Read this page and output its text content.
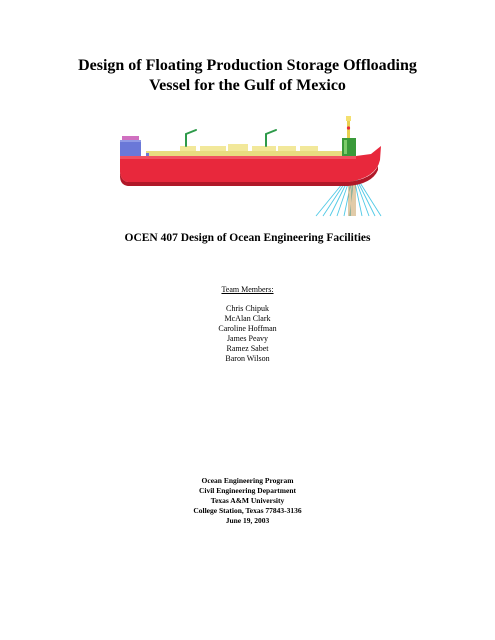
Design of Floating Production Storage Offloading
Vessel for the Gulf of Mexico
OCEN 407 Design of Ocean Engineering Facilities
Team Members:
Chris Chipuk
McAlan Clark
Caroline Hoffman
James Peavy
Ramez Sabet
Baron Wilson
Ocean Engineering Program
Civil Engineering Department
Texas A&M University
College Station, Texas 77843-3136
June 19, 2003
